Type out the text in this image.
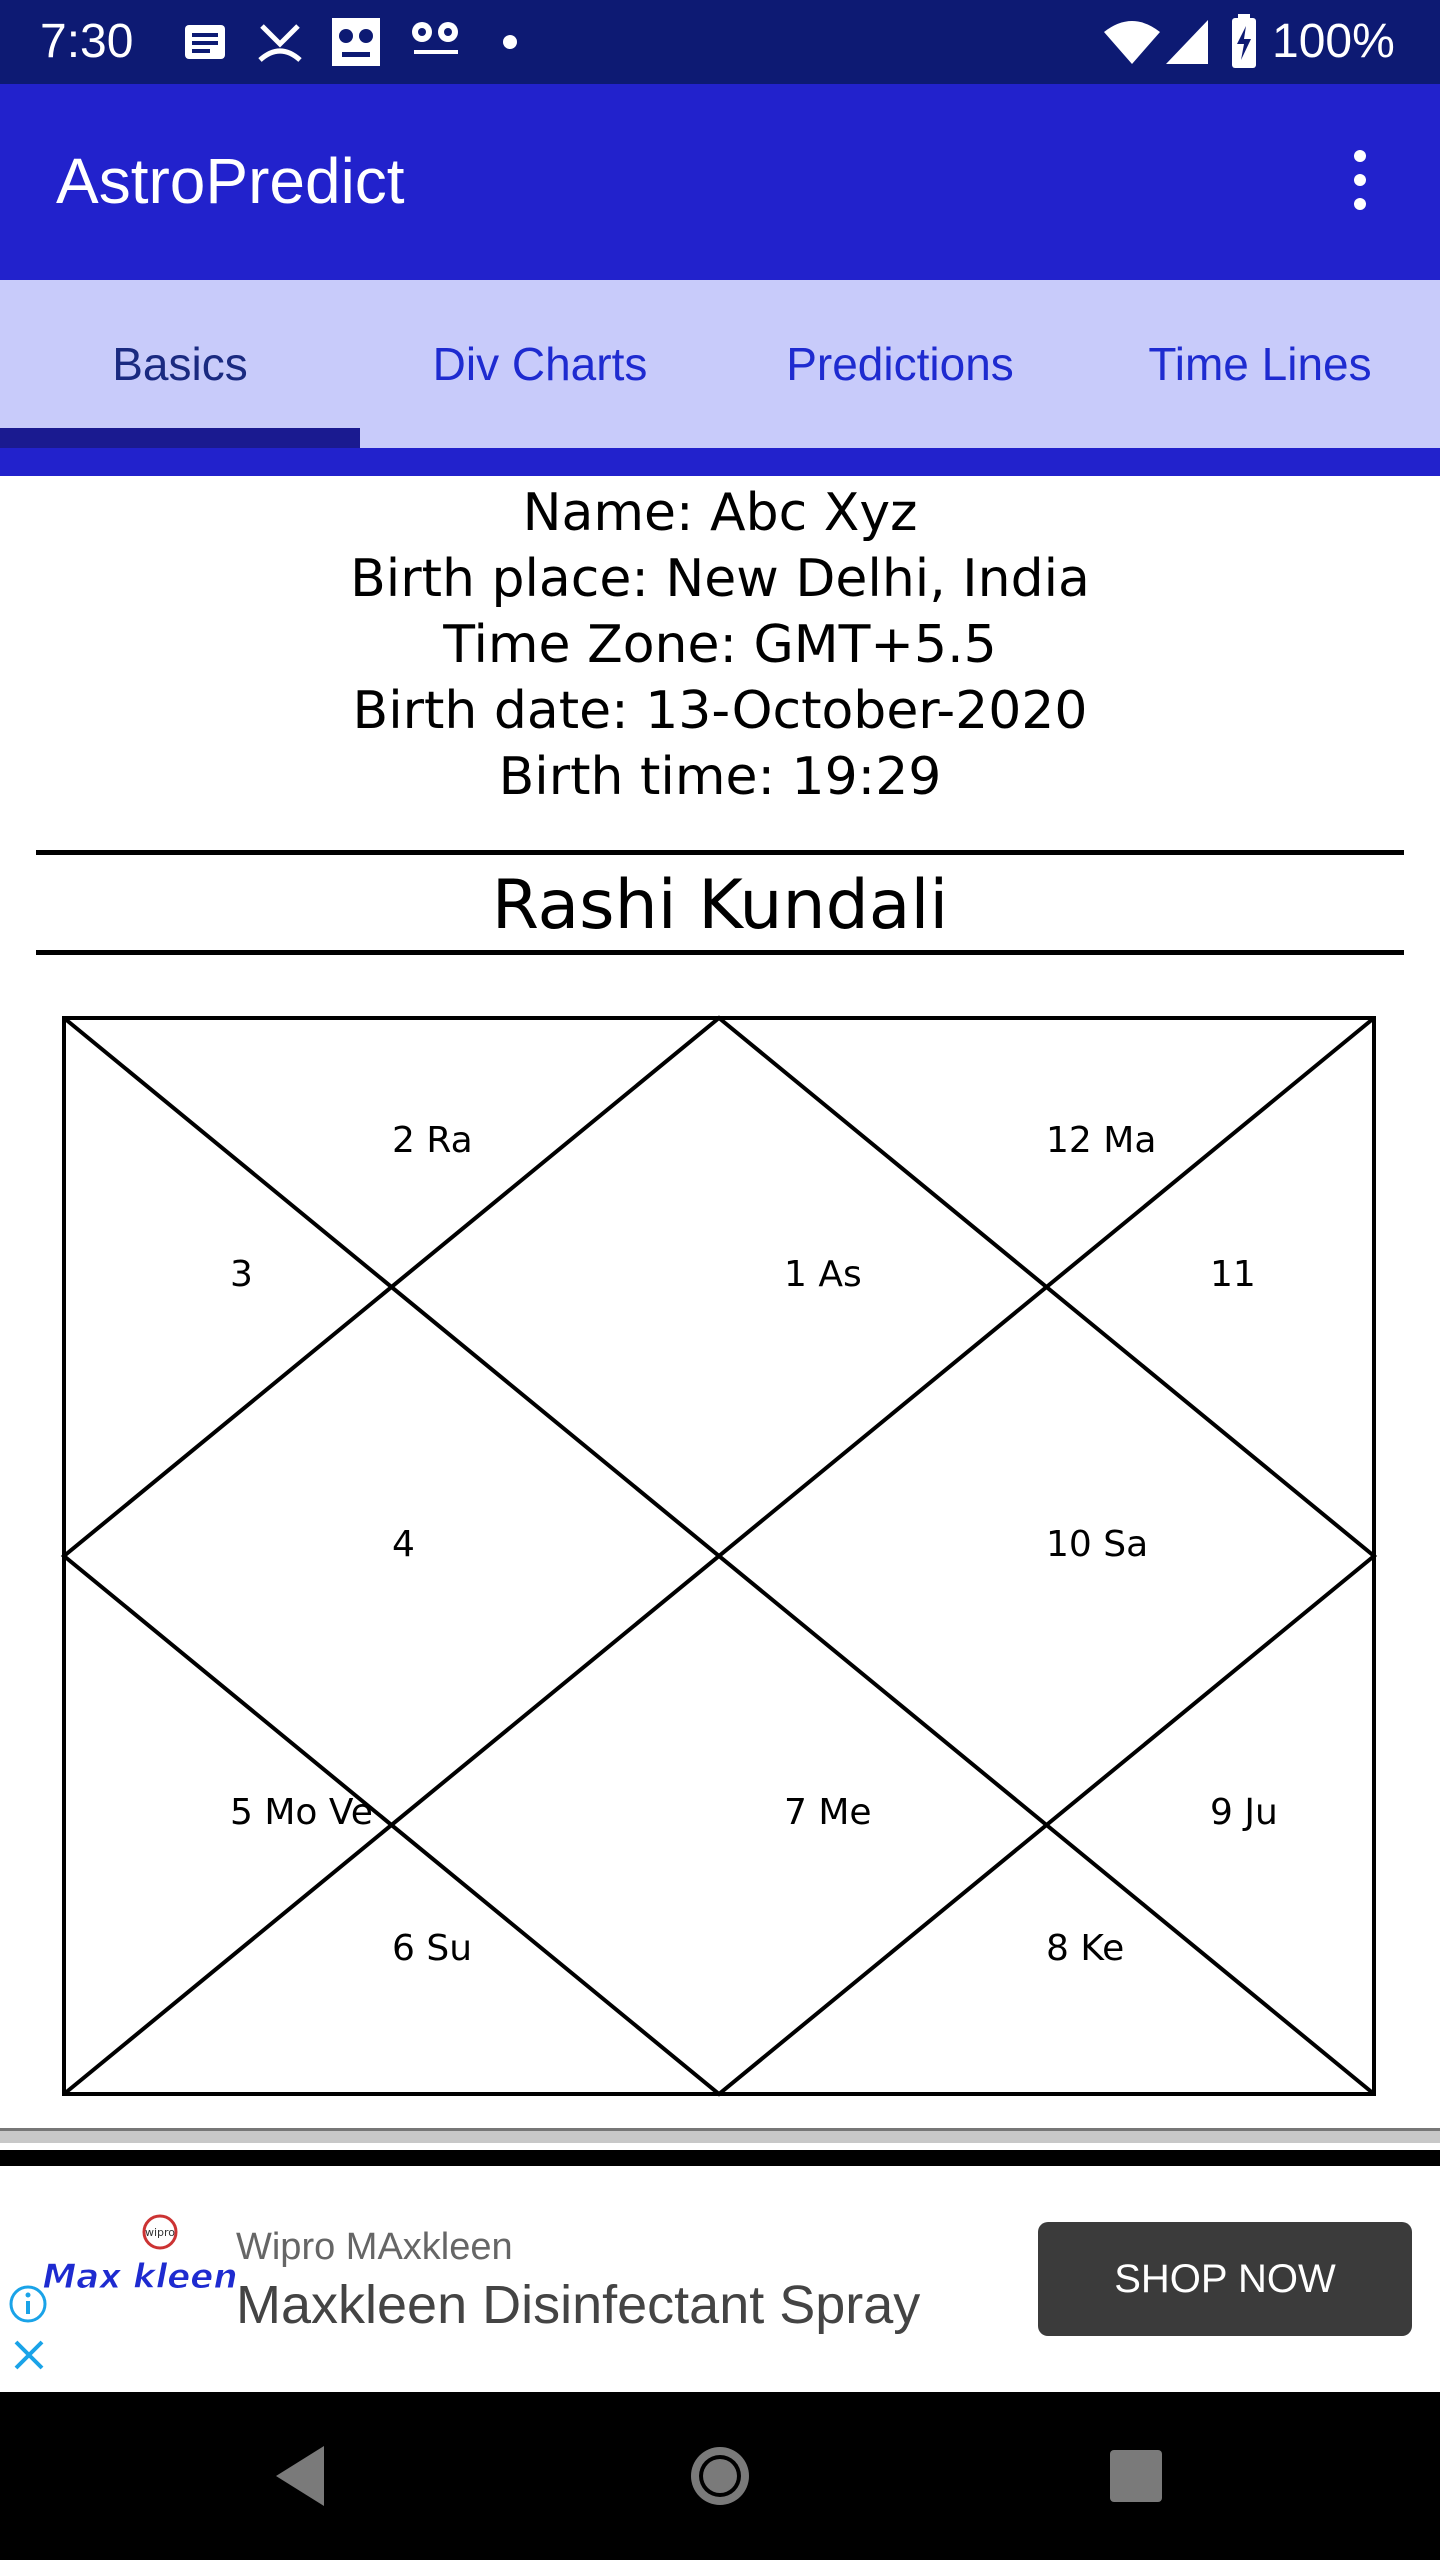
7:30	100%
AstroPredict
Basics	Div Charts	Predictions	Time Lines
Name: Abc Xyz
Birth place: New Delhi, India
Time Zone: GMT+5.5
Birth date: 13-October-2020
Birth time: 19:29
Rashi Kundali
1 As
2 Ra
3
4
5 Mo Ve
6 Su
7 Me
8 Ke
9 Ju
10 Sa
11
12 Ma
wipro
Max kleen
Wipro MAxkleen
Maxkleen Disinfectant Spray	SHOP NOW
